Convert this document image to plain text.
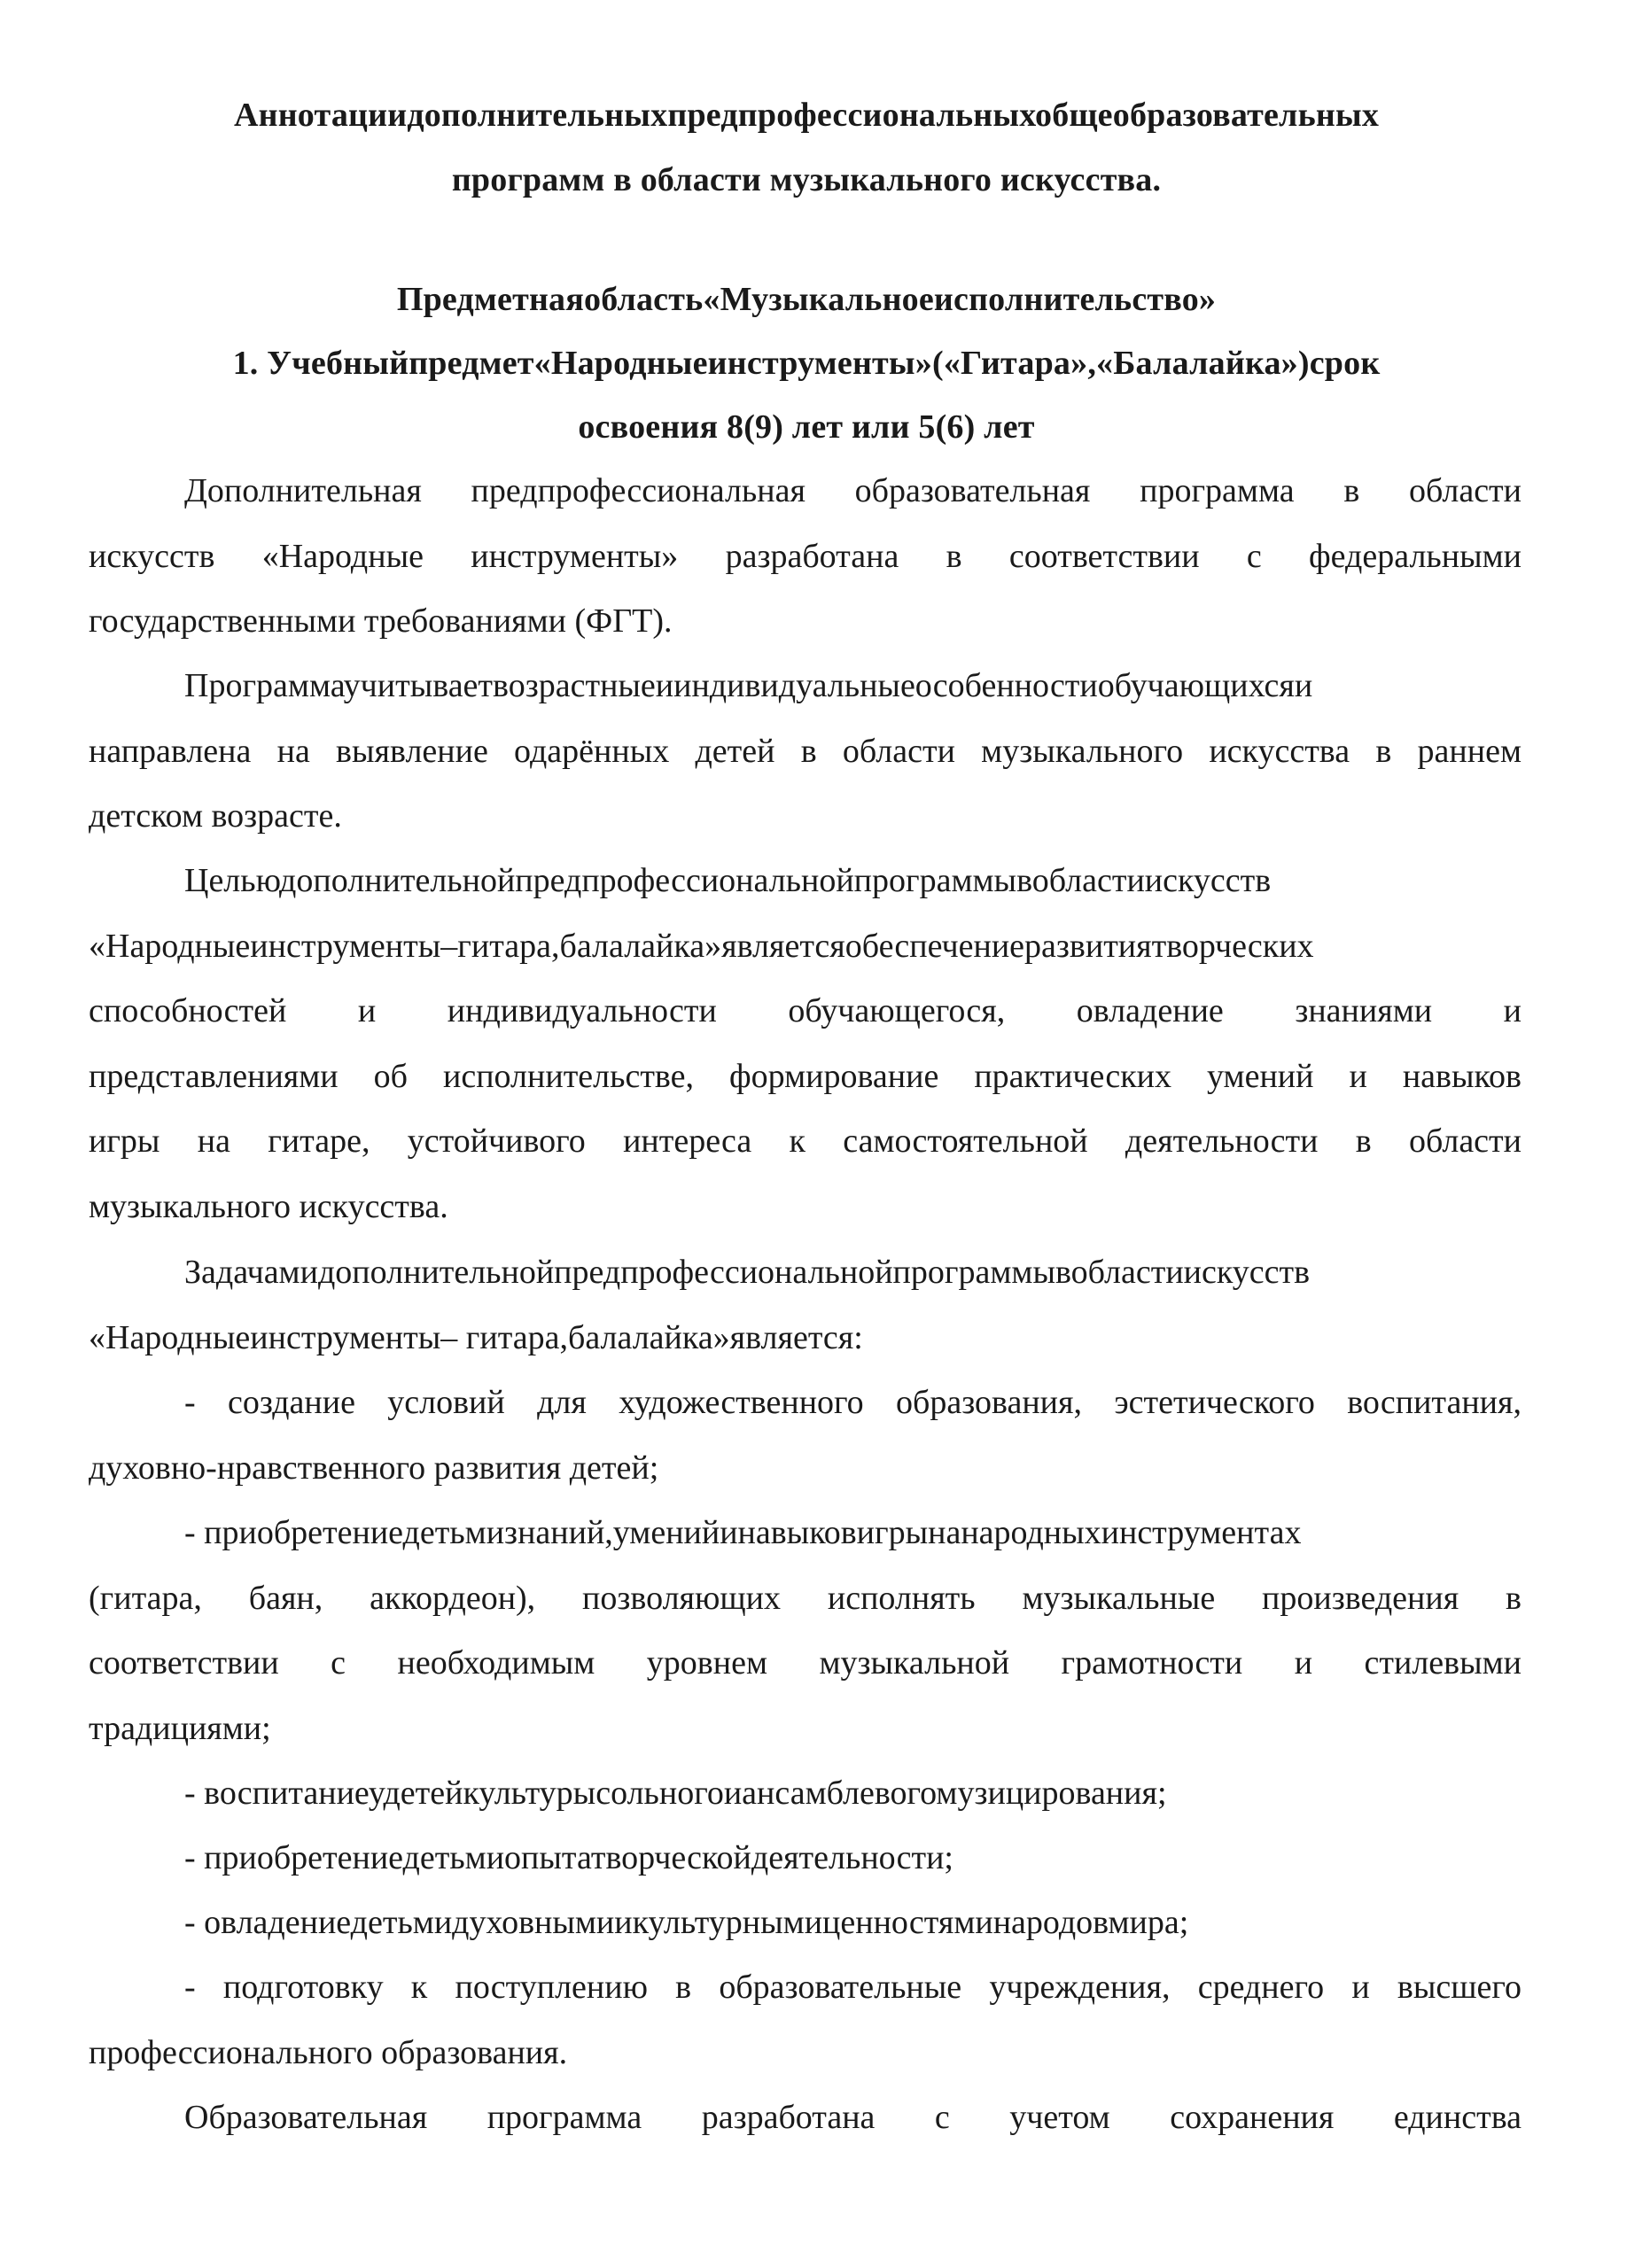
Аннотациидополнительныхпредпрофессиональныхобщеобразовательных
программ в области музыкального искусства.
Предметнаяобласть«Музыкальноеисполнительство»
1. Учебныйпредмет«Народныеинструменты»(«Гитара»,«Балалайка»)срок
освоения 8(9) лет или 5(6) лет
Дополнительная предпрофессиональная образовательная программа в области
искусств «Народные инструменты» разработана в соответствии с федеральными
государственными требованиями (ФГТ).
Программаучитываетвозрастныеииндивидуальныеособенностиобучающихсяи
направлена на выявление одарённых детей в области музыкального искусства в раннем
детском возрасте.
Цельюдополнительнойпредпрофессиональнойпрограммывобластиискусств
«Народныеинструменты–гитара,балалайка»являетсяобеспечениеразвитиятворческих
способностей и индивидуальности обучающегося, овладение знаниями и
представлениями об исполнительстве, формирование практических умений и навыков
игры на гитаре, устойчивого интереса к самостоятельной деятельности в области
музыкального искусства.
Задачамидополнительнойпредпрофессиональнойпрограммывобластиискусств
«Народныеинструменты– гитара,балалайка»является:
- создание условий для художественного образования, эстетического воспитания,
духовно-нравственного развития детей;
- приобретениедетьмизнаний,уменийинавыковигрынанародныхинструментах
(гитара, баян, аккордеон), позволяющих исполнять музыкальные произведения в
соответствии с необходимым уровнем музыкальной грамотности и стилевыми
традициями;
- воспитаниеудетейкультурысольногоиансамблевогомузицирования;
- приобретениедетьмиопытатворческойдеятельности;
- овладениедетьмидуховнымиикультурнымиценностяминародовмира;
- подготовку к поступлению в образовательные учреждения, среднего и высшего
профессионального образования.
Образовательная программа разработана с учетом сохранения единства
